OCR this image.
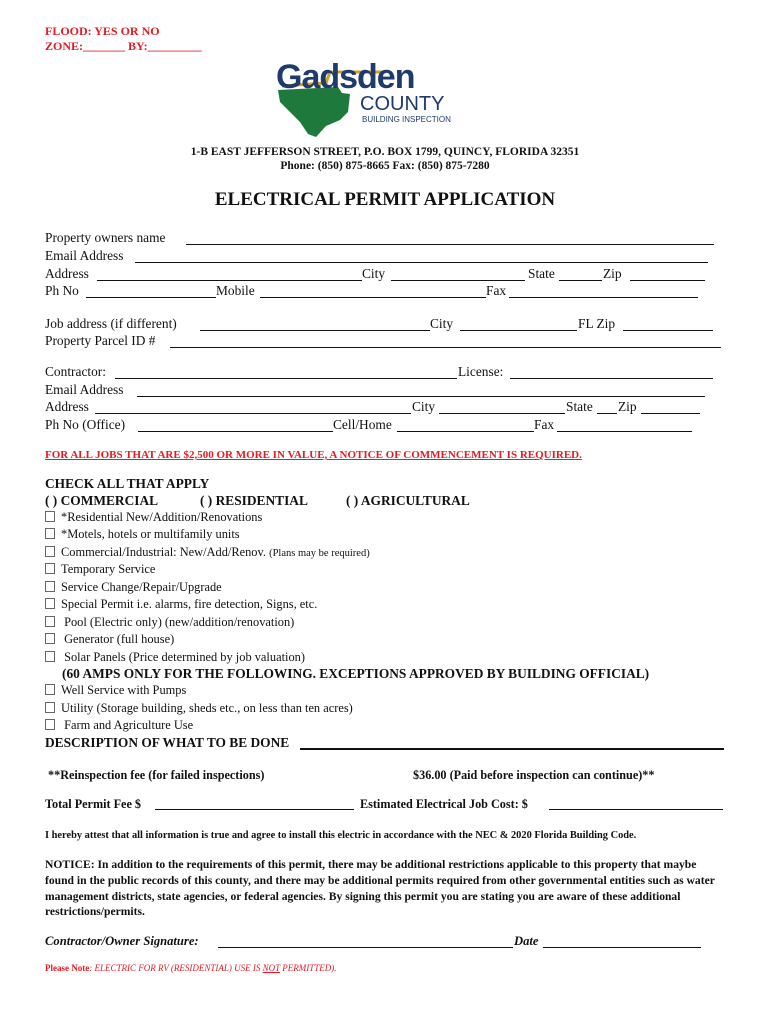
FLOOD: YES OR NO
ZONE:_______ BY:_________
Gadsden
COUNTY
BUILDING INSPECTION
1-B EAST JEFFERSON STREET, P.O. BOX 1799, QUINCY, FLORIDA 32351
Phone: (850) 875-8665 Fax: (850) 875-7280
ELECTRICAL PERMIT APPLICATION
Property owners name
Email Address
Address	City	State	Zip
Ph No	Mobile	Fax
Job address (if different)	City	FL Zip
Property Parcel ID #
Contractor:	License:
Email Address
Address	City	State Zip
Ph No (Office)	Cell/Home	Fax
FOR ALL JOBS THAT ARE $2,500 OR MORE IN VALUE, A NOTICE OF COMMENCEMENT IS REQUIRED.
CHECK ALL THAT APPLY
( ) COMMERCIAL	( ) RESIDENTIAL	( ) AGRICULTURAL
*Residential New/Addition/Renovations
*Motels, hotels or multifamily units
Commercial/Industrial: New/Add/Renov. (Plans may be required)
Temporary Service
Service Change/Repair/Upgrade
Special Permit i.e. alarms, fire detection, Signs, etc.
Pool (Electric only) (new/addition/renovation)
Generator (full house)
Solar Panels (Price determined by job valuation)
(60 AMPS ONLY FOR THE FOLLOWING. EXCEPTIONS APPROVED BY BUILDING OFFICIAL)
Well Service with Pumps
Utility (Storage building, sheds etc., on less than ten acres)
Farm and Agriculture Use
DESCRIPTION OF WHAT TO BE DONE
**Reinspection fee (for failed inspections)	$36.00 (Paid before inspection can continue)**
Total Permit Fee $	Estimated Electrical Job Cost: $
I hereby attest that all information is true and agree to install this electric in accordance with the NEC & 2020 Florida Building Code.
NOTICE: In addition to the requirements of this permit, there may be additional restrictions applicable to this property that maybe found in the public records of this county, and there may be additional permits required from other governmental entities such as water management districts, state agencies, or federal agencies. By signing this permit you are stating you are aware of these additional restrictions/permits.
Contractor/Owner Signature:	Date
Please Note: ELECTRIC FOR RV (RESIDENTIAL) USE IS NOT PERMITTED).
